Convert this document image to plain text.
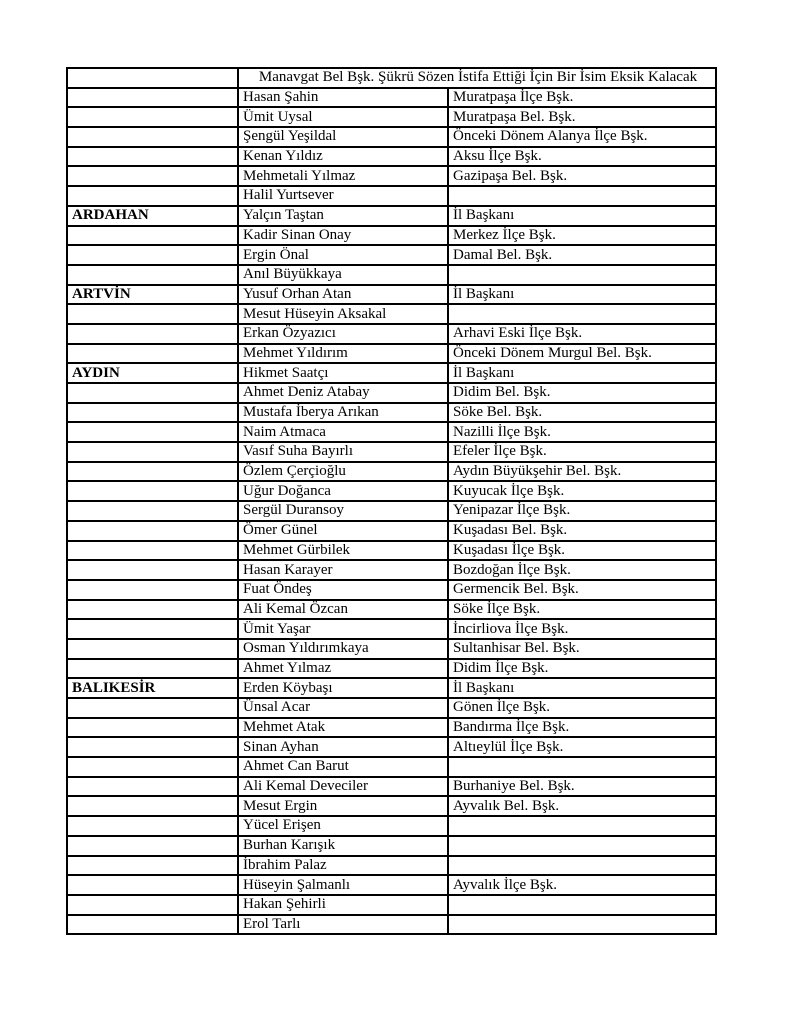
	Manavgat Bel Bşk. Şükrü Sözen İstifa Ettiği İçin Bir İsim Eksik Kalacak	
	Hasan Şahin	Muratpaşa İlçe Bşk.
	Ümit Uysal	Muratpaşa Bel. Bşk.
	Şengül Yeşildal	Önceki Dönem Alanya İlçe Bşk.
	Kenan Yıldız	Aksu İlçe Bşk.
	Mehmetali Yılmaz	Gazipaşa Bel. Bşk.
	Halil Yurtsever	
ARDAHAN	Yalçın Taştan	İl Başkanı
	Kadir Sinan Onay	Merkez İlçe Bşk.
	Ergin Önal	Damal Bel. Bşk.
	Anıl Büyükkaya	
ARTVİN	Yusuf Orhan Atan	İl Başkanı
	Mesut Hüseyin Aksakal	
	Erkan Özyazıcı	Arhavi Eski İlçe Bşk.
	Mehmet Yıldırım	Önceki Dönem Murgul Bel. Bşk.
AYDIN	Hikmet Saatçı	İl Başkanı
	Ahmet Deniz Atabay	Didim Bel. Bşk.
	Mustafa İberya Arıkan	Söke Bel. Bşk.
	Naim Atmaca	Nazilli İlçe Bşk.
	Vasıf Suha Bayırlı	Efeler İlçe Bşk.
	Özlem Çerçioğlu	Aydın Büyükşehir Bel. Bşk.
	Uğur Doğanca	Kuyucak İlçe Bşk.
	Sergül Duransoy	Yenipazar İlçe Bşk.
	Ömer Günel	Kuşadası Bel. Bşk.
	Mehmet Gürbilek	Kuşadası İlçe Bşk.
	Hasan Karayer	Bozdoğan İlçe Bşk.
	Fuat Öndeş	Germencik Bel. Bşk.
	Ali Kemal Özcan	Söke İlçe Bşk.
	Ümit Yaşar	İncirliova İlçe Bşk.
	Osman Yıldırımkaya	Sultanhisar Bel. Bşk.
	Ahmet Yılmaz	Didim İlçe Bşk.
BALIKESİR	Erden Köybaşı	İl Başkanı
	Ünsal Acar	Gönen İlçe Bşk.
	Mehmet Atak	Bandırma İlçe Bşk.
	Sinan Ayhan	Altıeylül İlçe Bşk.
	Ahmet Can Barut	
	Ali Kemal Deveciler	Burhaniye Bel. Bşk.
	Mesut Ergin	Ayvalık Bel. Bşk.
	Yücel Erişen	
	Burhan Karışık	
	İbrahim Palaz	
	Hüseyin Şalmanlı	Ayvalık İlçe Bşk.
	Hakan Şehirli	
	Erol Tarlı	
